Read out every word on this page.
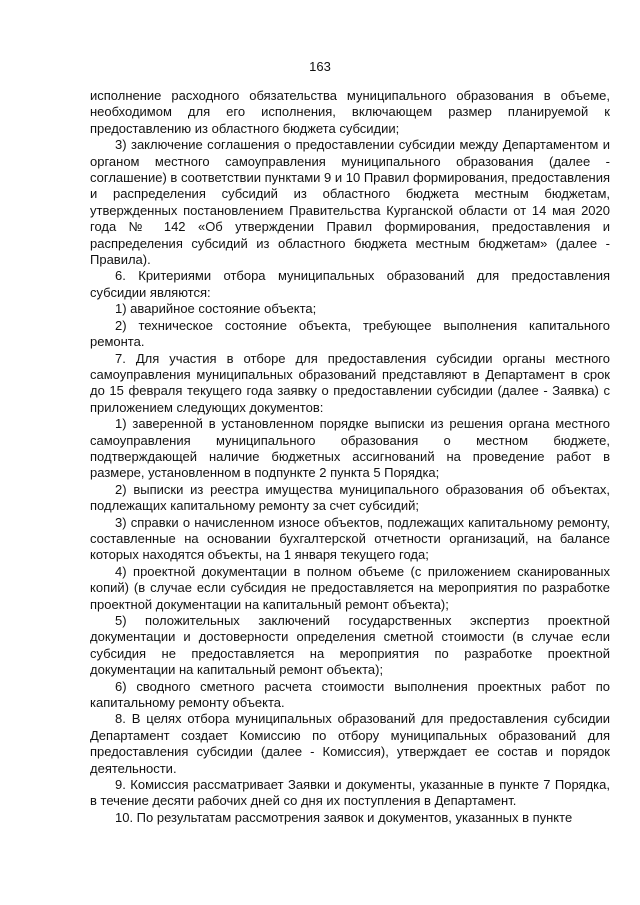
163

исполнение расходного обязательства муниципального образования в объеме, необходимом для его исполнения, включающем размер планируемой к предоставлению из областного бюджета субсидии;

3) заключение соглашения о предоставлении субсидии между Департаментом и органом местного самоуправления муниципального образования (далее - соглашение) в соответствии пунктами 9 и 10 Правил формирования, предоставления и распределения субсидий из областного бюджета местным бюджетам, утвержденных постановлением Правительства Курганской области от 14 мая 2020 года № 142 «Об утверждении Правил формирования, предоставления и распределения субсидий из областного бюджета местным бюджетам» (далее - Правила).

6. Критериями отбора муниципальных образований для предоставления субсидии являются:

1) аварийное состояние объекта;

2) техническое состояние объекта, требующее выполнения капитального ремонта.

7. Для участия в отборе для предоставления субсидии органы местного самоуправления муниципальных образований представляют в Департамент в срок до 15 февраля текущего года заявку о предоставлении субсидии (далее - Заявка) с приложением следующих документов:

1) заверенной в установленном порядке выписки из решения органа местного самоуправления муниципального образования о местном бюджете, подтверждающей наличие бюджетных ассигнований на проведение работ в размере, установленном в подпункте 2 пункта 5 Порядка;

2) выписки из реестра имущества муниципального образования об объектах, подлежащих капитальному ремонту за счет субсидий;

3) справки о начисленном износе объектов, подлежащих капитальному ремонту, составленные на основании бухгалтерской отчетности организаций, на балансе которых находятся объекты, на 1 января текущего года;

4) проектной документации в полном объеме (с приложением сканированных копий) (в случае если субсидия не предоставляется на мероприятия по разработке проектной документации на капитальный ремонт объекта);

5) положительных заключений государственных экспертиз проектной документации и достоверности определения сметной стоимости (в случае если субсидия не предоставляется на мероприятия по разработке проектной документации на капитальный ремонт объекта);

6) сводного сметного расчета стоимости выполнения проектных работ по капитальному ремонту объекта.

8. В целях отбора муниципальных образований для предоставления субсидии Департамент создает Комиссию по отбору муниципальных образований для предоставления субсидии (далее - Комиссия), утверждает ее состав и порядок деятельности.

9. Комиссия рассматривает Заявки и документы, указанные в пункте 7 Порядка, в течение десяти рабочих дней со дня их поступления в Департамент.

10. По результатам рассмотрения заявок и документов, указанных в пункте
